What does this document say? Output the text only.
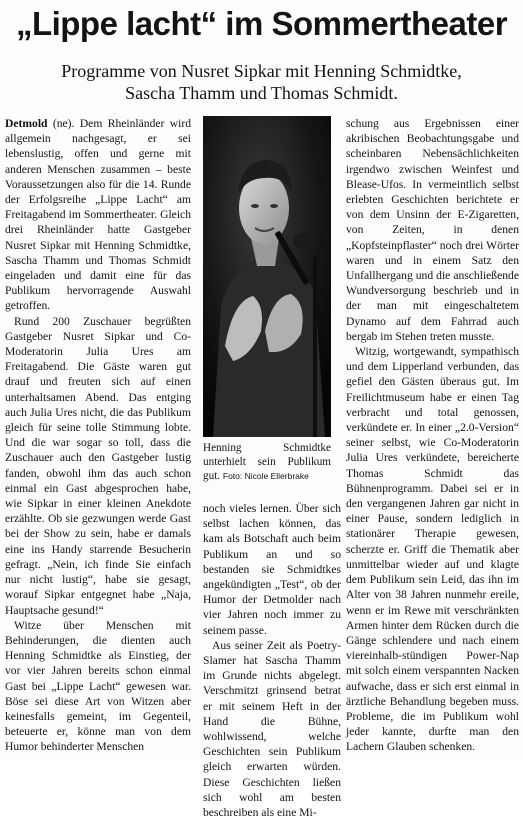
„Lippe lacht“ im Sommertheater
Programme von Nusret Sipkar mit Henning Schmidtke,
Sascha Thamm und Thomas Schmidt.

Detmold (ne). Dem Rheinländer wird allgemein nachgesagt, er sei lebenslustig, offen und gerne mit anderen Menschen zusammen – beste Voraussetzungen also für die 14. Runde der Erfolgsreihe „Lippe Lacht“ am Freitagabend im Sommertheater. Gleich drei Rheinländer hatte Gastgeber Nusret Sipkar mit Henning Schmidtke, Sascha Thamm und Thomas Schmidt eingeladen und damit eine für das Publikum hervorragende Auswahl getroffen.

Rund 200 Zuschauer begrüßten Gastgeber Nusret Sipkar und Co-Moderatorin Julia Ures am Freitagabend. Die Gäste waren gut drauf und freuten sich auf einen unterhaltsamen Abend. Das entging auch Julia Ures nicht, die das Publikum gleich für seine tolle Stimmung lobte. Und die war sogar so toll, dass die Zuschauer auch den Gastgeber lustig fanden, obwohl ihm das auch schon einmal ein Gast abgesprochen habe, wie Sipkar in einer kleinen Anekdote erzählte. Ob sie gezwungen werde Gast bei der Show zu sein, habe er damals eine ins Handy starrende Besucherin gefragt. „Nein, ich finde Sie einfach nur nicht lustig“, habe sie gesagt, worauf Sipkar entgegnet habe „Naja, Hauptsache gesund!“

Witze über Menschen mit Behinderungen, die dienten auch Henning Schmidtke als Einstieg, der vor vier Jahren bereits schon einmal Gast bei „Lippe Lacht“ gewesen war. Böse sei diese Art von Witzen aber keinesfalls gemeint, im Gegenteil, beteuerte er, könne man von dem Humor behinderter Menschen

Henning Schmidtke unterhielt sein Publikum gut. Foto: Nicole Ellerbrake

noch vieles lernen. Über sich selbst lachen können, das kam als Botschaft auch beim Publikum an und so bestanden sie Schmidtkes angekündigten „Test“, ob der Humor der Detmolder nach vier Jahren noch immer zu seinem passe.

Aus seiner Zeit als Poetry-Slamer hat Sascha Thamm im Grunde nichts abgelegt. Verschmitzt grinsend betrat er mit seinem Heft in der Hand die Bühne, wohlwissend, welche Geschichten sein Publikum gleich erwarten würden. Diese Geschichten ließen sich wohl am besten beschreiben als eine Mi-

schung aus Ergebnissen einer akribischen Beobachtungsgabe und scheinbaren Nebensächlichkeiten irgendwo zwischen Weinfest und Blease-Ufos. In vermeintlich selbst erlebten Geschichten berichtete er von dem Unsinn der E-Zigaretten, von Zeiten, in denen „Kopfsteinpflaster“ noch drei Wörter waren und in einem Satz den Unfallhergang und die anschließende Wundversorgung beschrieb und in der man mit eingeschaltetem Dynamo auf dem Fahrrad auch bergab im Stehen treten musste.

Witzig, wortgewandt, sympathisch und dem Lipperland verbunden, das gefiel den Gästen überaus gut. Im Freilichtmuseum habe er einen Tag verbracht und total genossen, verkündete er. In einer „2.0-Version“ seiner selbst, wie Co-Moderatorin Julia Ures verkündete, bereicherte Thomas Schmidt das Bühnenprogramm. Dabei sei er in den vergangenen Jahren gar nicht in einer Pause, sondern lediglich in stationärer Therapie gewesen, scherzte er. Griff die Thematik aber unmittelbar wieder auf und klagte dem Publikum sein Leid, das ihn im Alter von 38 Jahren nunmehr ereile, wenn er im Rewe mit verschränkten Armen hinter dem Rücken durch die Gänge schlendere und nach einem viereinhalb-stündigen Power-Nap mit solch einem verspannten Nacken aufwache, dass er sich erst einmal in ärztliche Behandlung begeben muss. Probleme, die im Publikum wohl jeder kannte, durfte man den Lachern Glauben schenken.
